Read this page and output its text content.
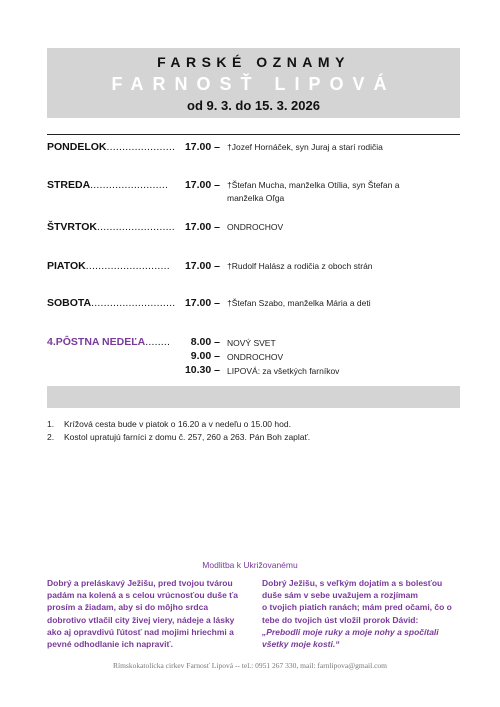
FARSKÉ OZNAMY
FARNOSŤ LIPOVÁ
od 9. 3. do 15. 3. 2026
PONDELOK...................... 17.00 – †Jozef Hornáček, syn Juraj a starí rodičia
STREDA.........................	17.00 – †Štefan Mucha, manželka Otília, syn Štefan a
manželka Oľga
ŠTVRTOK......................... 17.00 – ONDROCHOV
PIATOK...........................	17.00 – †Rudolf Halász a rodičia z oboch strán
SOBOTA........................... 17.00 – †Štefan Szabo, manželka Mária a deti
4.PÔSTNA NEDEĽA........	8.00 – NOVÝ SVET
9.00 – ONDROCHOV
10.30 – LIPOVÁ: za všetkých farníkov
1. Krížová cesta bude v piatok o 16.20 a v nedeľu o 15.00 hod.
2. Kostol upratujú farníci z domu č. 257, 260 a 263. Pán Boh zaplať.
Modlitba k Ukrižovanému
Dobrý a preláskavý Ježišu, pred tvojou tvárou
padám na kolená a s celou vrúcnosťou duše ťa
prosím a žiadam, aby si do môjho srdca
dobrotivo vtlačil city živej viery, nádeje a lásky
ako aj opravdivú ľútosť nad mojimi hriechmi a
pevné odhodlanie ich napraviť.
Dobrý Ježišu, s veľkým dojatím a s bolesťou
duše sám v sebe uvažujem a rozjímam
o tvojich piatich ranách; mám pred očami, čo o
tebe do tvojich úst vložil prorok Dávid:
„Prebodli moje ruky a moje nohy a spočítali
všetky moje kosti.“
Rímskokatolícka cirkev Farnosť Lipová -- tel.: 0951 267 330, mail: farnlipova@gmail.com
